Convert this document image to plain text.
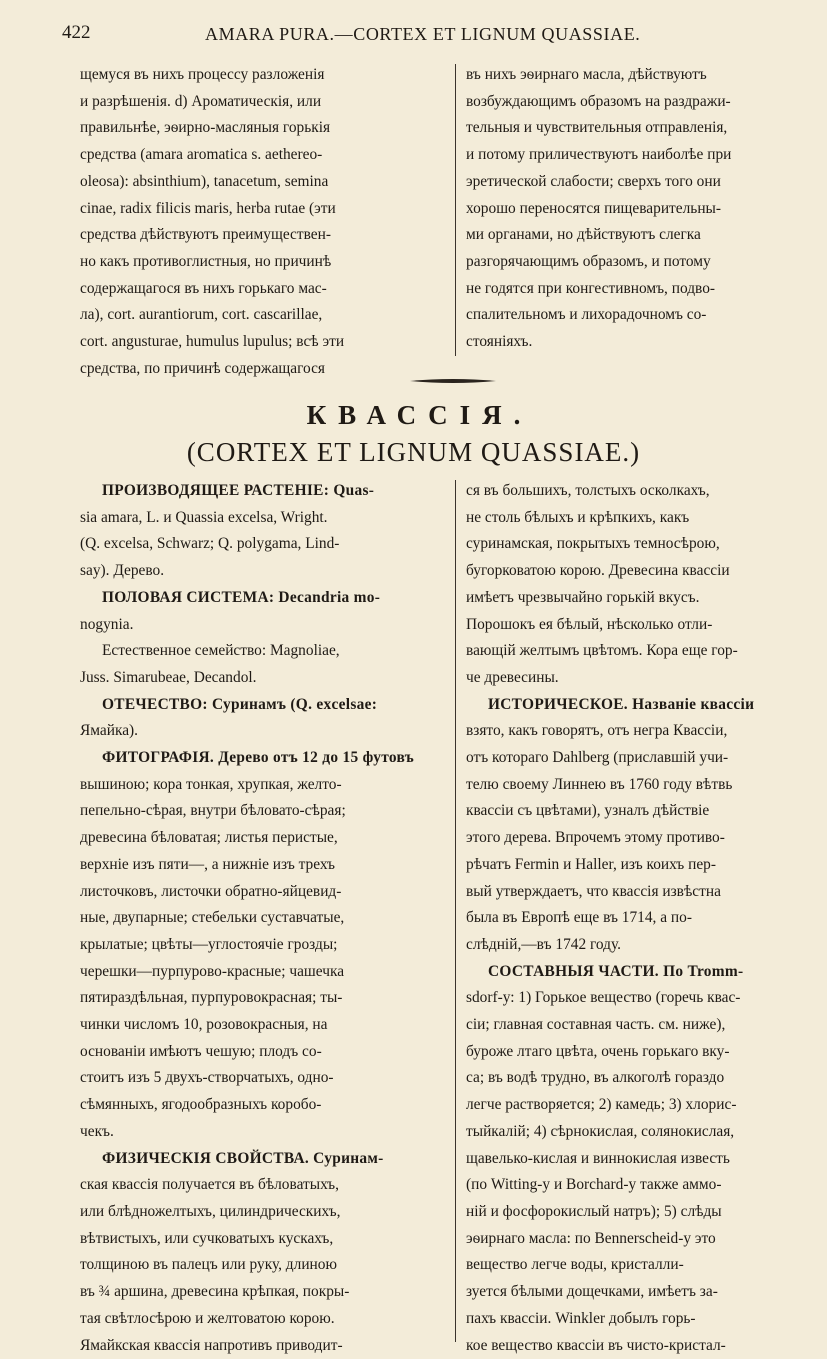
422	AMARA PURA.—CORTEX ET LIGNUM QUASSIAE.

щемуся въ нихъ процессу разложенія

и разрѣшенія. d) Ароматическія, или

правильнѣе, эѳирно-масляныя горькія

средства (amara aromatica s. aethereo-

oleosa): absinthium), tanacetum, semina

cinae, radix filicis maris, herba rutae (эти

средства дѣйствуютъ преимуществен-

но какъ противоглистныя, но причинѣ

содержащагося въ нихъ горькаго мас-

ла), cort. aurantiorum, cort. cascarillae,

cort. angusturae, humulus lupulus; всѣ эти

средства, по причинѣ содержащагося

въ нихъ эѳирнаго масла, дѣйствуютъ

возбуждающимъ образомъ на раздражи-

тельныя и чувствительныя отправленія,

и потому приличествуютъ наиболѣе при

эретической слабости; сверхъ того они

хорошо переносятся пищеварительны-

ми органами, но дѣйствуютъ слегка

разгорячающимъ образомъ, и потому

не годятся при конгестивномъ, подво-

спалительномъ и лихорадочномъ со-

стояніяхъ.

КВАССІЯ.
(CORTEX ET LIGNUM QUASSIAE.)

ПРОИЗВОДЯЩЕЕ РАСТЕНІЕ: Quas-

sia amara, L. и Quassia excelsa, Wright.

(Q. excelsa, Schwarz; Q. polygama, Lind-

say). Дерево.

ПОЛОВАЯ СИСТЕМА: Decandria mo-

nogynia.

Естественное семейство: Magnoliae,

Juss. Simarubeae, Decandol.

ОТЕЧЕСТВО: Суринамъ (Q. excelsae:

Ямайка).

ФИТОГРАФІЯ. Дерево отъ 12 до 15 футовъ

вышиною; кора тонкая, хрупкая, желто-

пепельно-сѣрая, внутри бѣловато-сѣрая;

древесина бѣловатая; листья перистые,

верхніе изъ пяти—, а нижніе изъ трехъ

листочковъ, листочки обратно-яйцевид-

ные, двупарные; стебельки суставчатые,

крылатые; цвѣты—углостоячіе грозды;

черешки—пурпурово-красные; чашечка

пятираздѣльная, пурпуровокрасная; ты-

чинки числомъ 10, розовокрасныя, на

основаніи имѣютъ чешую; плодъ со-

стоитъ изъ 5 двухъ-створчатыхъ, одно-

сѣмянныхъ, ягодообразныхъ коробо-

чекъ.

ФИЗИЧЕСКІЯ СВОЙСТВА. Суринам-

ская квассія получается въ бѣловатыхъ,

или блѣдножелтыхъ, цилиндрическихъ,

вѣтвистыхъ, или сучковатыхъ кускахъ,

толщиною въ палецъ или руку, длиною

въ ¾ аршина, древесина крѣпкая, покры-

тая свѣтлосѣрою и желтоватою корою.

Ямайкская квассія напротивъ приводит-

ся въ большихъ, толстыхъ осколкахъ,

не столь бѣлыхъ и крѣпкихъ, какъ

суринамская, покрытыхъ темносѣрою,

бугорковатою корою. Древесина квассіи

имѣетъ чрезвычайно горькій вкусъ.

Порошокъ ея бѣлый, нѣсколько отли-

вающій желтымъ цвѣтомъ. Кора еще гор-

че древесины.

ИСТОРИЧЕСКОЕ. Названіе квассіи

взято, какъ говорятъ, отъ негра Квассіи,

отъ котораго Dahlberg (приславшій учи-

телю своему Линнею въ 1760 году вѣтвь

квассіи съ цвѣтами), узналъ дѣйствіе

этого дерева. Впрочемъ этому противо-

рѣчатъ Fermin и Haller, изъ коихъ пер-

вый утверждаетъ, что квассія извѣстна

была въ Европѣ еще въ 1714, а по-

слѣдній,—въ 1742 году.

СОСТАВНЫЯ ЧАСТИ. По Tromm-

sdorf-у: 1) Горькое вещество (горечь квас-

сіи; главная составная часть. см. ниже),

буроже лтаго цвѣта, очень горькаго вку-

са; въ водѣ трудно, въ алкоголѣ гораздо

легче растворяется; 2) камедь; 3) хлорис-

тыйкалій; 4) сѣрнокислая, солянокислая,

щавелько-кислая и виннокислая известь

(по Witting-у и Borchard-у также аммо-

ній и фосфорокислый натръ); 5) слѣды

эѳирнаго масла: по Bennerscheid-у это

вещество легче воды, кристалли-

зуется бѣлыми дощечками, имѣетъ за-

пахъ квассіи. Winkler добылъ горь-

кое вещество квассіи въ чисто-кристал-
